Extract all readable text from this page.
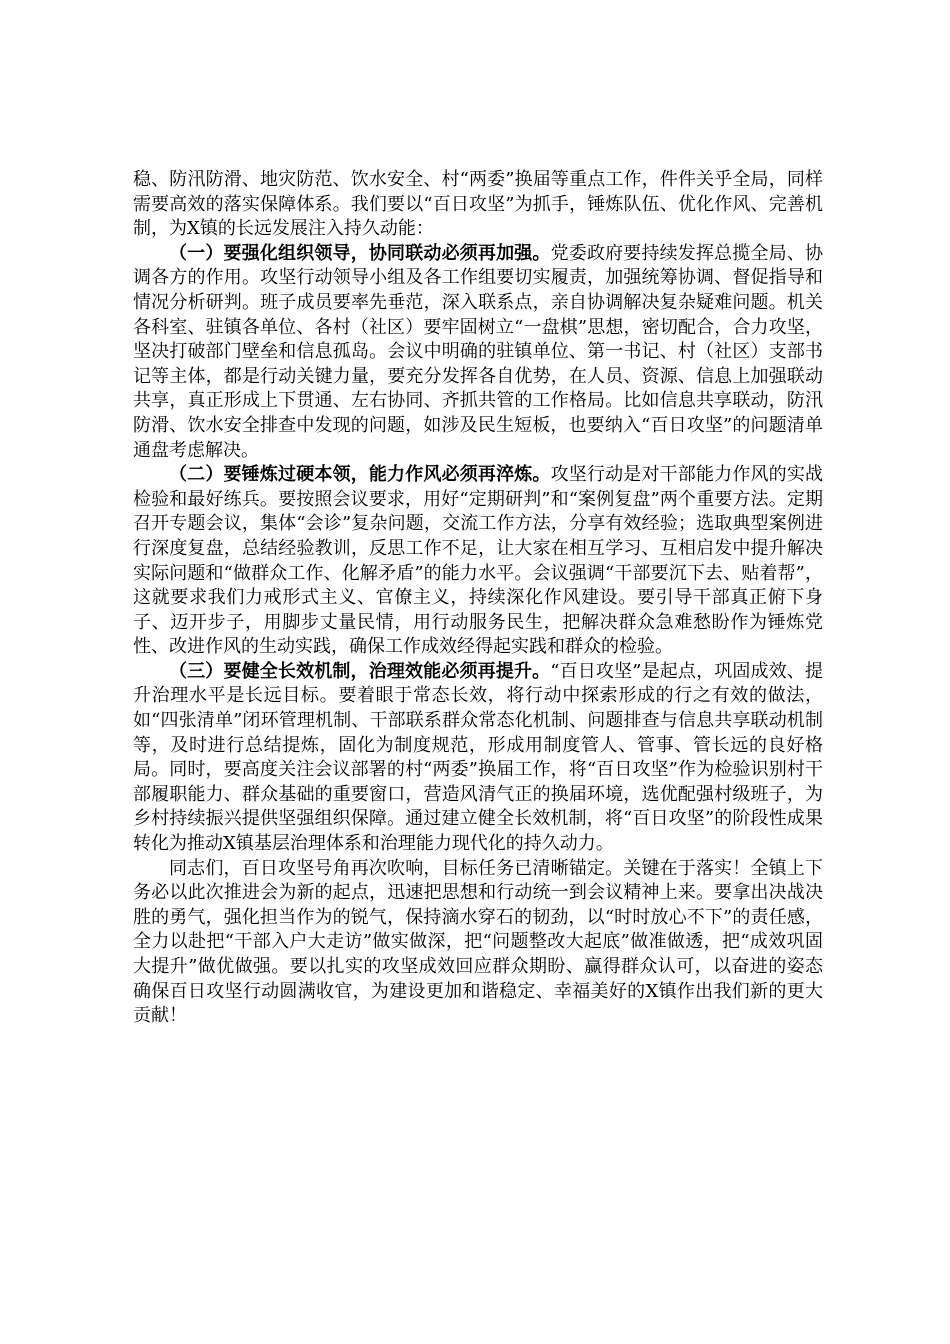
稳、防汛防滑、地灾防范、饮水安全、村“两委”换届等重点工作，件件关乎全局，同样需要高效的落实保障体系。我们要以“百日攻坚”为抓手，锤炼队伍、优化作风、完善机制，为X镇的长远发展注入持久动能：

（一）要强化组织领导，协同联动必须再加强。党委政府要持续发挥总揽全局、协调各方的作用。攻坚行动领导小组及各工作组要切实履责，加强统筹协调、督促指导和情况分析研判。班子成员要率先垂范，深入联系点，亲自协调解决复杂疑难问题。机关各科室、驻镇各单位、各村（社区）要牢固树立“一盘棋”思想，密切配合，合力攻坚，坚决打破部门壁垒和信息孤岛。会议中明确的驻镇单位、第一书记、村（社区）支部书记等主体，都是行动关键力量，要充分发挥各自优势，在人员、资源、信息上加强联动共享，真正形成上下贯通、左右协同、齐抓共管的工作格局。比如信息共享联动，防汛防滑、饮水安全排查中发现的问题，如涉及民生短板，也要纳入“百日攻坚”的问题清单通盘考虑解决。

（二）要锤炼过硬本领，能力作风必须再淬炼。攻坚行动是对干部能力作风的实战检验和最好练兵。要按照会议要求，用好“定期研判”和“案例复盘”两个重要方法。定期召开专题会议，集体“会诊”复杂问题，交流工作方法，分享有效经验；选取典型案例进行深度复盘，总结经验教训，反思工作不足，让大家在相互学习、互相启发中提升解决实际问题和“做群众工作、化解矛盾”的能力水平。会议强调“干部要沉下去、贴着帮”，这就要求我们力戒形式主义、官僚主义，持续深化作风建设。要引导干部真正俯下身子、迈开步子，用脚步丈量民情，用行动服务民生，把解决群众急难愁盼作为锤炼党性、改进作风的生动实践，确保工作成效经得起实践和群众的检验。

（三）要健全长效机制，治理效能必须再提升。“百日攻坚”是起点，巩固成效、提升治理水平是长远目标。要着眼于常态长效，将行动中探索形成的行之有效的做法，如“四张清单”闭环管理机制、干部联系群众常态化机制、问题排查与信息共享联动机制等，及时进行总结提炼，固化为制度规范，形成用制度管人、管事、管长远的良好格局。同时，要高度关注会议部署的村“两委”换届工作，将“百日攻坚”作为检验识别村干部履职能力、群众基础的重要窗口，营造风清气正的换届环境，选优配强村级班子，为乡村持续振兴提供坚强组织保障。通过建立健全长效机制，将“百日攻坚”的阶段性成果转化为推动X镇基层治理体系和治理能力现代化的持久动力。

同志们，百日攻坚号角再次吹响，目标任务已清晰锚定。关键在于落实！全镇上下务必以此次推进会为新的起点，迅速把思想和行动统一到会议精神上来。要拿出决战决胜的勇气，强化担当作为的锐气，保持滴水穿石的韧劲，以“时时放心不下”的责任感，全力以赴把“干部入户大走访”做实做深，把“问题整改大起底”做准做透，把“成效巩固大提升”做优做强。要以扎实的攻坚成效回应群众期盼、赢得群众认可，以奋进的姿态确保百日攻坚行动圆满收官，为建设更加和谐稳定、幸福美好的X镇作出我们新的更大贡献！
